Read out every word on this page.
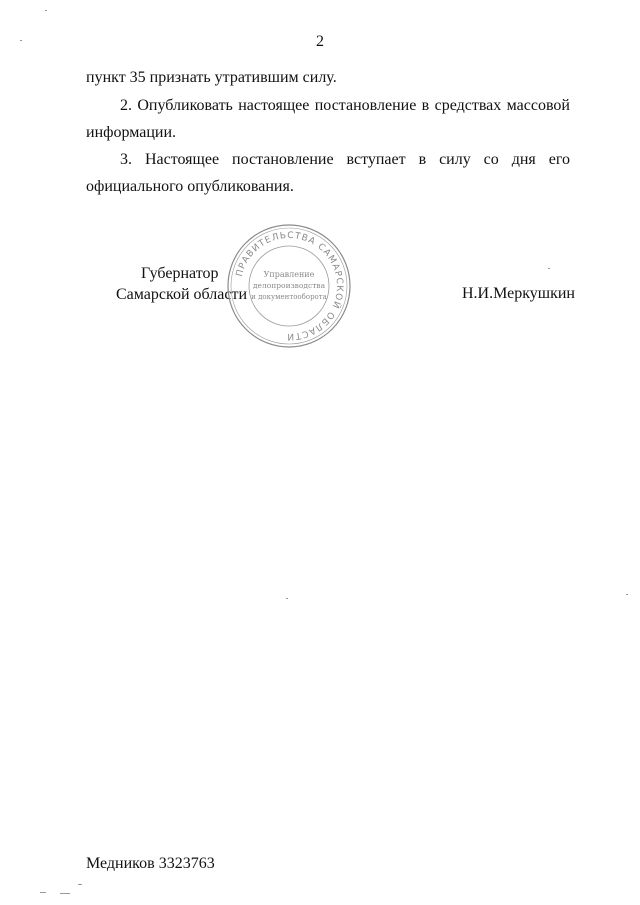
2
пункт 35 признать утратившим силу.
2. Опубликовать настоящее постановление в средствах массовой
информации.
3. Настоящее постановление вступает в силу со дня его
официального опубликования.
Губернатор
Самарской области	Н.И.Меркушкин
ПРАВИТЕЛЬСТВА САМАРСКОЙ ОБЛАСТИ
Управление
делопроизводства
и документооборота
Медников 3323763
